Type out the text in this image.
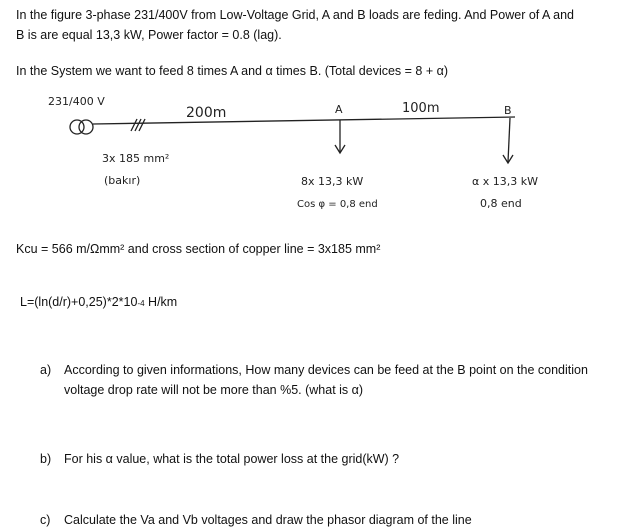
In the figure 3-phase 231/400V from Low-Voltage Grid, A and B loads are feding. And Power of A and
B is are equal 13,3 kW, Power factor = 0.8 (lag).
In the System we want to feed 8 times A and α times B. (Total devices = 8 + α)
231/400 V
200m	A	100m	B
3x 185 mm²
(bakır)	8x 13,3 kW
Cos φ = 0,8 end
α x 13,3 kW
0,8 end
Kcu = 566 m/Ωmm² and cross section of copper line = 3x185 mm²
L=(ln(d/r)+0,25)*2*10-4 H/km
a) According to given informations, How many devices can be feed at the B point on the condition voltage drop rate will not be more than %5. (what is α)
b) For his α value, what is the total power loss at the grid(kW) ?
c) Calculate the Va and Vb voltages and draw the phasor diagram of the line
